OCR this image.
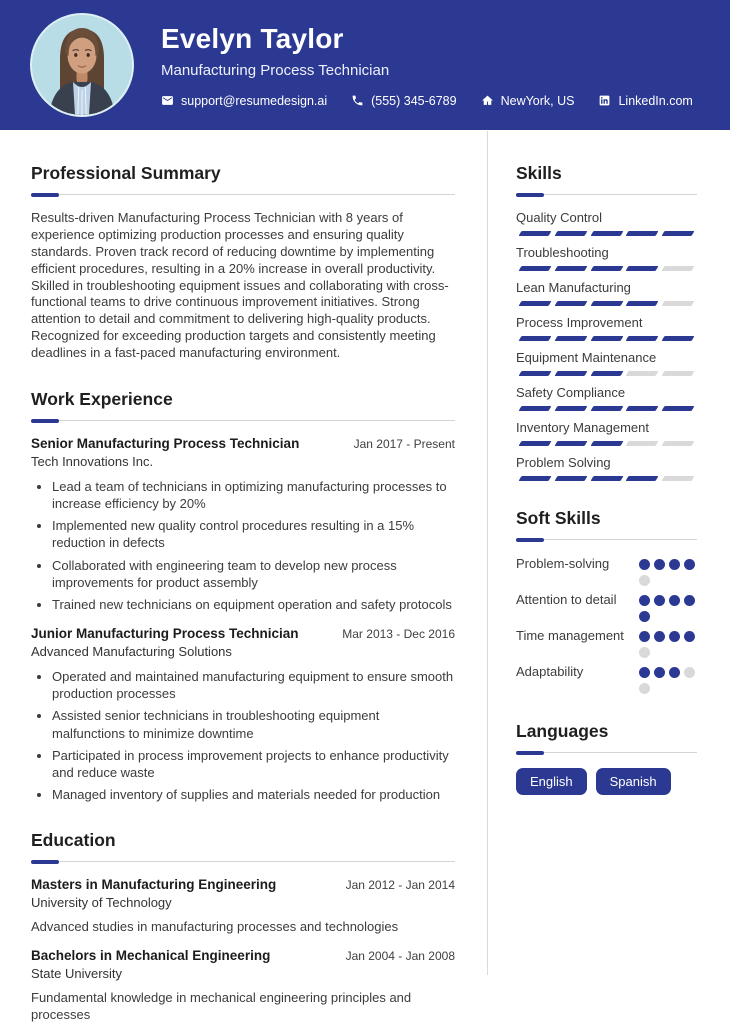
Evelyn Taylor
Manufacturing Process Technician
support@resumedesign.ai	(555) 345-6789	NewYork, US	LinkedIn.com
Professional Summary

Results-driven Manufacturing Process Technician with 8 years of experience optimizing production processes and ensuring quality standards. Proven track record of reducing downtime by implementing efficient procedures, resulting in a 20% increase in overall productivity. Skilled in troubleshooting equipment issues and collaborating with cross-functional teams to drive continuous improvement initiatives. Strong attention to detail and commitment to delivering high-quality products. Recognized for exceeding production targets and consistently meeting deadlines in a fast-paced manufacturing environment.

Work Experience
Senior Manufacturing Process Technician	Jan 2017 - Present
Tech Innovations Inc.
• Lead a team of technicians in optimizing manufacturing processes to increase efficiency by 20%
• Implemented new quality control procedures resulting in a 15% reduction in defects
• Collaborated with engineering team to develop new process improvements for product assembly
• Trained new technicians on equipment operation and safety protocols
Junior Manufacturing Process Technician	Mar 2013 - Dec 2016
Advanced Manufacturing Solutions
• Operated and maintained manufacturing equipment to ensure smooth production processes
• Assisted senior technicians in troubleshooting equipment malfunctions to minimize downtime
• Participated in process improvement projects to enhance productivity and reduce waste
• Managed inventory of supplies and materials needed for production
Education
Masters in Manufacturing Engineering	Jan 2012 - Jan 2014
University of Technology

Advanced studies in manufacturing processes and technologies

Bachelors in Mechanical Engineering	Jan 2004 - Jan 2008
State University

Fundamental knowledge in mechanical engineering principles and processes

Skills
Quality Control
Troubleshooting
Lean Manufacturing
Process Improvement
Equipment Maintenance
Safety Compliance
Inventory Management
Problem Solving
Soft Skills
Problem-solving
Attention to detail
Time management
Adaptability
Languages
English	Spanish
